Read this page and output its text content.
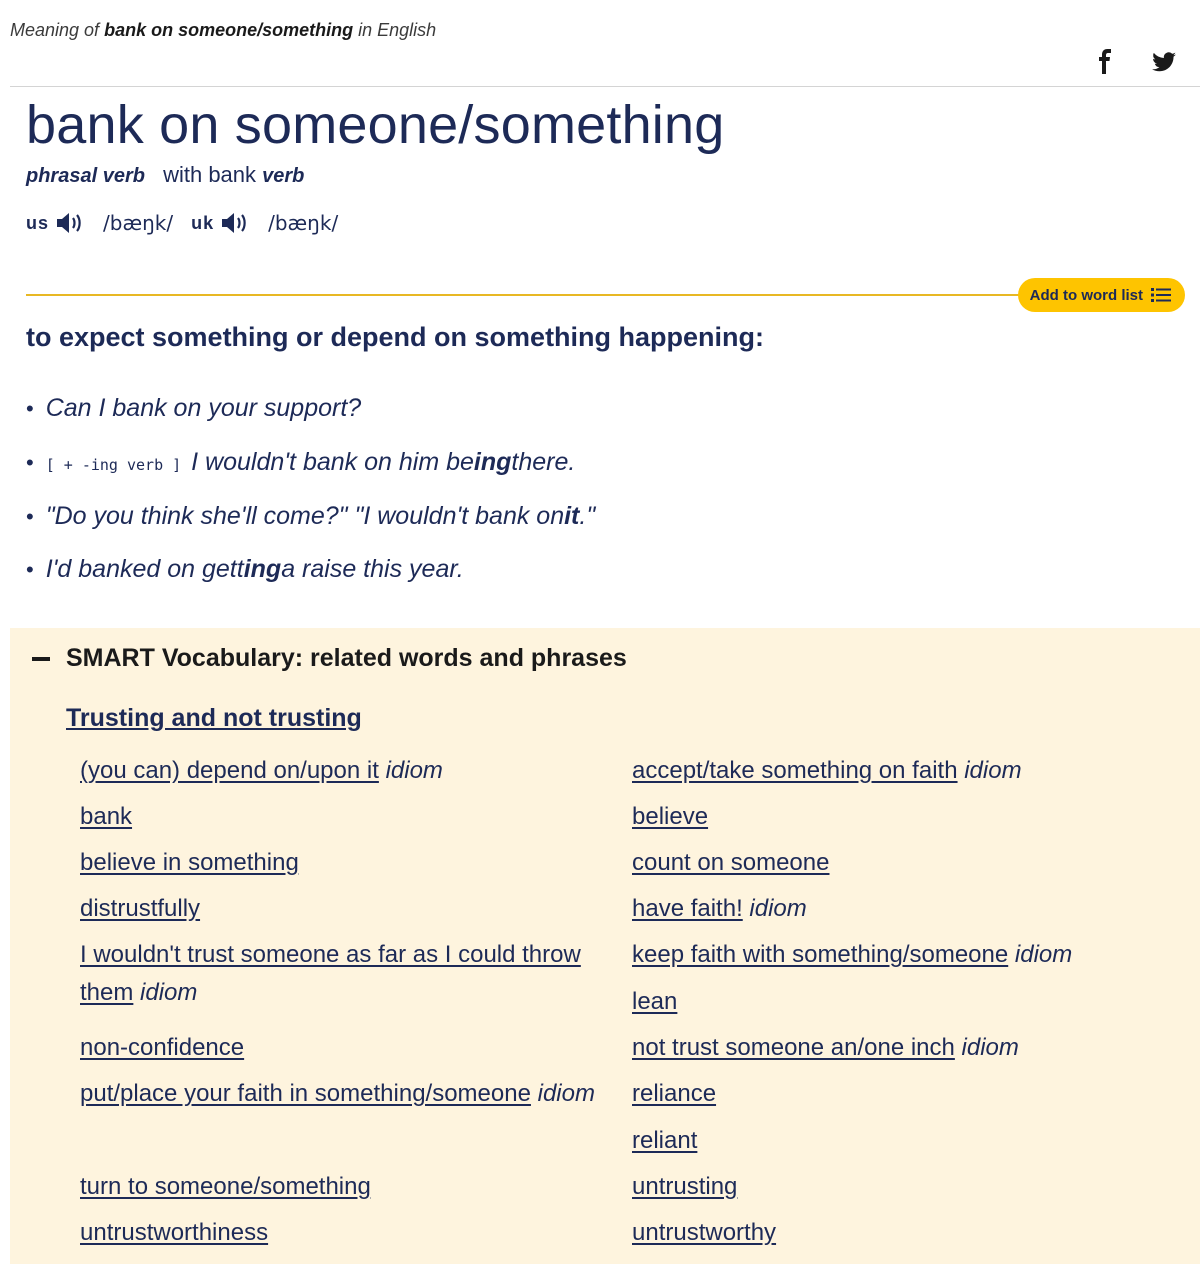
Meaning of bank on someone/something in English
bank on someone/something
phrasal verb with bank verb
us	/bæŋk/ uk	/bæŋk/
Add to word list
to expect something or depend on something happening:
• Can I bank on your support?
• [ + -ing verb ] I wouldn't bank on him be ing there.
• "Do you think she'll come?" "I wouldn't bank on it ."
• I'd banked on gett ing a raise this year.
SMART Vocabulary: related words and phrases
Trusting and not trusting
(you can) depend on/upon it idiom
bank
believe in something
distrustfully
I wouldn't trust someone as far as I could throw them idiom
non-confidence
put/place your faith in something/someone idiom
turn to someone/something
untrustworthiness
accept/take something on faith idiom
believe
count on someone
have faith! idiom
keep faith with something/someone idiom
lean
not trust someone an/one inch idiom
reliance
reliant
untrusting
untrustworthy
